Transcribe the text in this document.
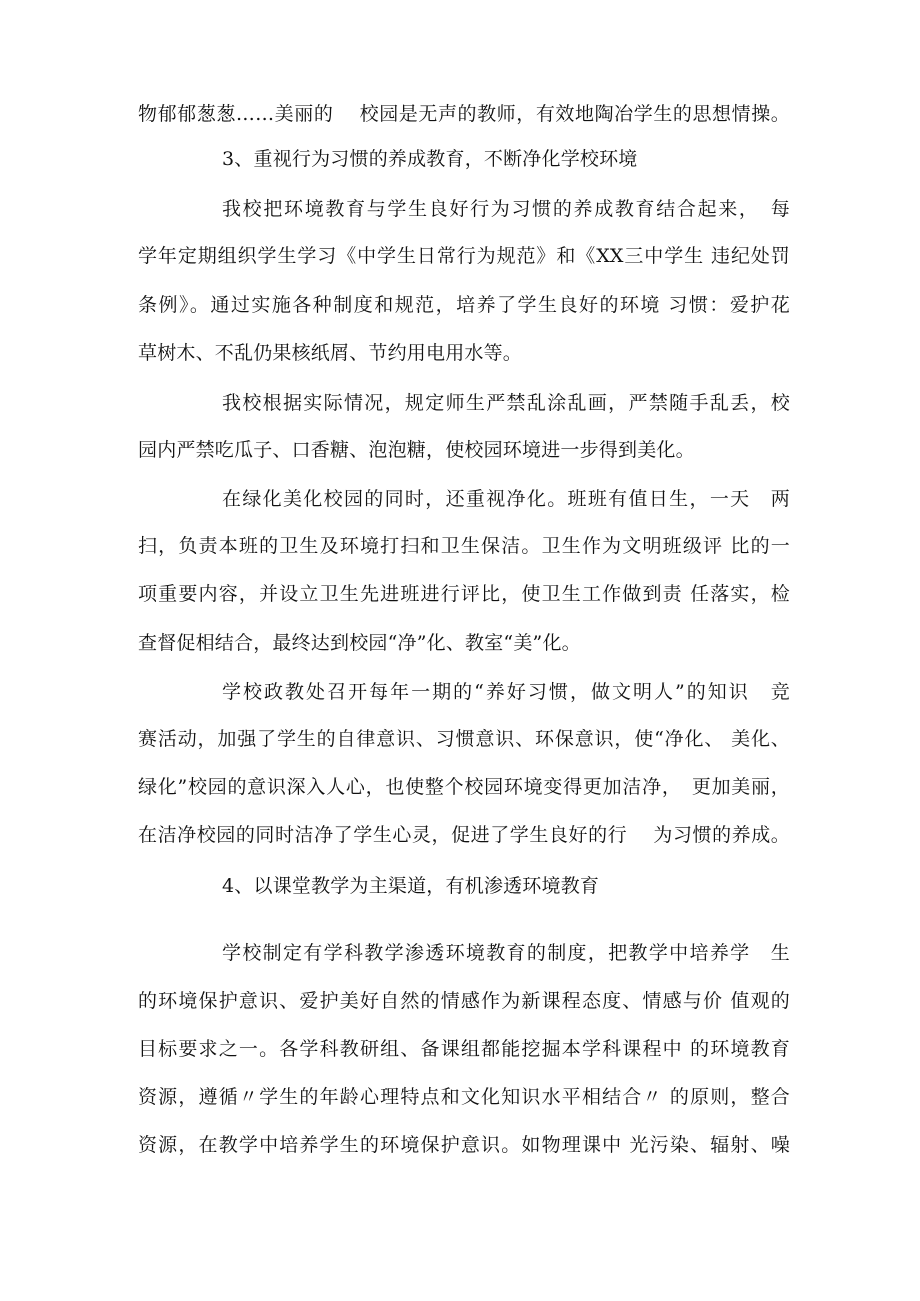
物郁郁葱葱……美丽的　 校园是无声的教师，有效地陶冶学生的思想情操。
3、重视行为习惯的养成教育，不断净化学校环境
我校把环境教育与学生良好行为习惯的养成教育结合起来，　每
学年定期组织学生学习《中学生日常行为规范》和《XX三中学生 违纪处罚
条例》。通过实施各种制度和规范，培养了学生良好的环境 习惯：爱护花
草树木、不乱仍果核纸屑、节约用电用水等。
我校根据实际情况，规定师生严禁乱涂乱画，严禁随手乱丢，校
园内严禁吃瓜子、口香糖、泡泡糖，使校园环境进一步得到美化。
在绿化美化校园的同时，还重视净化。班班有值日生，一天　两
扫，负责本班的卫生及环境打扫和卫生保洁。卫生作为文明班级评 比的一
项重要内容，并设立卫生先进班进行评比，使卫生工作做到责 任落实，检
查督促相结合，最终达到校园“净”化、教室“美”化。
学校政教处召开每年一期的“养好习惯，做文明人”的知识　竞
赛活动，加强了学生的自律意识、习惯意识、环保意识，使“净化、 美化、
绿化”校园的意识深入人心，也使整个校园环境变得更加洁净，　更加美丽，
在洁净校园的同时洁净了学生心灵，促进了学生良好的行　 为习惯的养成。
4、以课堂教学为主渠道，有机渗透环境教育
学校制定有学科教学渗透环境教育的制度，把教学中培养学　生
的环境保护意识、爱护美好自然的情感作为新课程态度、情感与价 值观的
目标要求之一。各学科教研组、备课组都能挖掘本学科课程中 的环境教育
资源，遵循〃学生的年龄心理特点和文化知识水平相结合〃 的原则，整合
资源，在教学中培养学生的环境保护意识。如物理课中 光污染、辐射、噪
